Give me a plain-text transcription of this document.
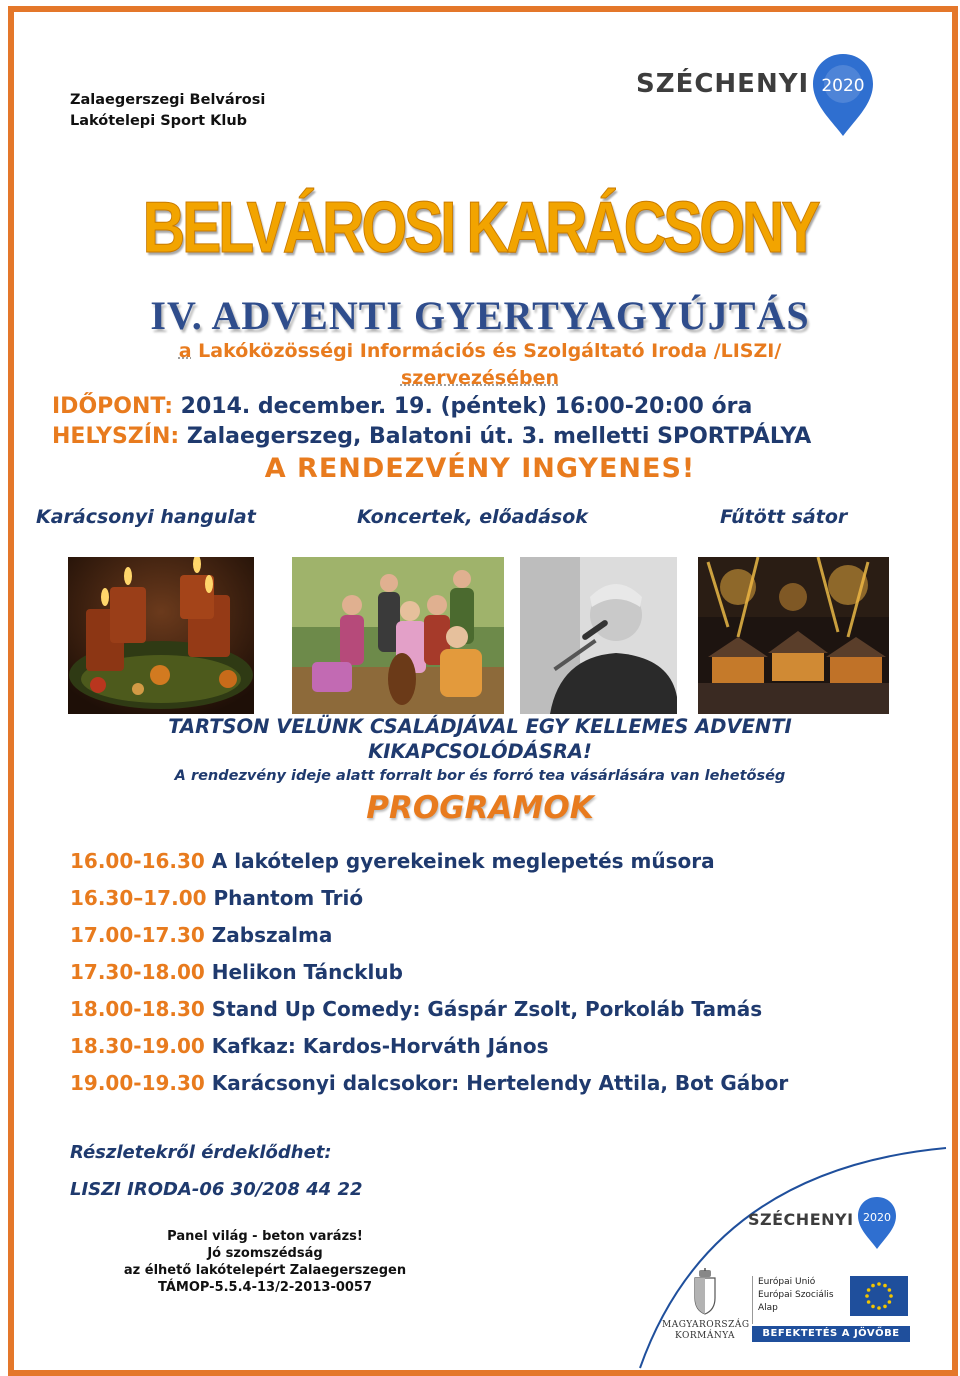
Zalaegerszegi Belvárosi
Lakótelepi Sport Klub
SZÉCHENYI 2020
BELVÁROSI KARÁCSONY
IV. ADVENTI GYERTYAGYÚJTÁS
a Lakóközösségi Információs és Szolgáltató Iroda /LISZI/
szervezésében
IDŐPONT: 2014. december. 19. (péntek) 16:00-20:00 óra
HELYSZÍN: Zalaegerszeg, Balatoni út. 3. melletti SPORTPÁLYA
A RENDEZVÉNY INGYENES!
Karácsonyi hangulat	Koncertek, előadások	Fűtött sátor
TARTSON VELÜNK CSALÁDJÁVAL EGY KELLEMES ADVENTI
KIKAPCSOLÓDÁSRA!
A rendezvény ideje alatt forralt bor és forró tea vásárlására van lehetőség
PROGRAMOK
16.00-16.30 A lakótelep gyerekeinek meglepetés műsora
16.30–17.00 Phantom Trió
17.00-17.30 Zabszalma
17.30-18.00 Helikon Táncklub
18.00-18.30 Stand Up Comedy: Gáspár Zsolt, Porkoláb Tamás
18.30-19.00 Kafkaz: Kardos-Horváth János
19.00-19.30 Karácsonyi dalcsokor: Hertelendy Attila, Bot Gábor
Részletekről érdeklődhet:
LISZI IRODA-06 30/208 44 22
Panel világ - beton varázs!
Jó szomszédság
az élhető lakótelepért Zalaegerszegen
TÁMOP-5.5.4-13/2-2013-0057
SZÉCHENYI 2020
MAGYARORSZÁG
KORMÁNYA
Európai Unió
Európai Szociális
Alap
BEFEKTETÉS A JÖVŐBE
